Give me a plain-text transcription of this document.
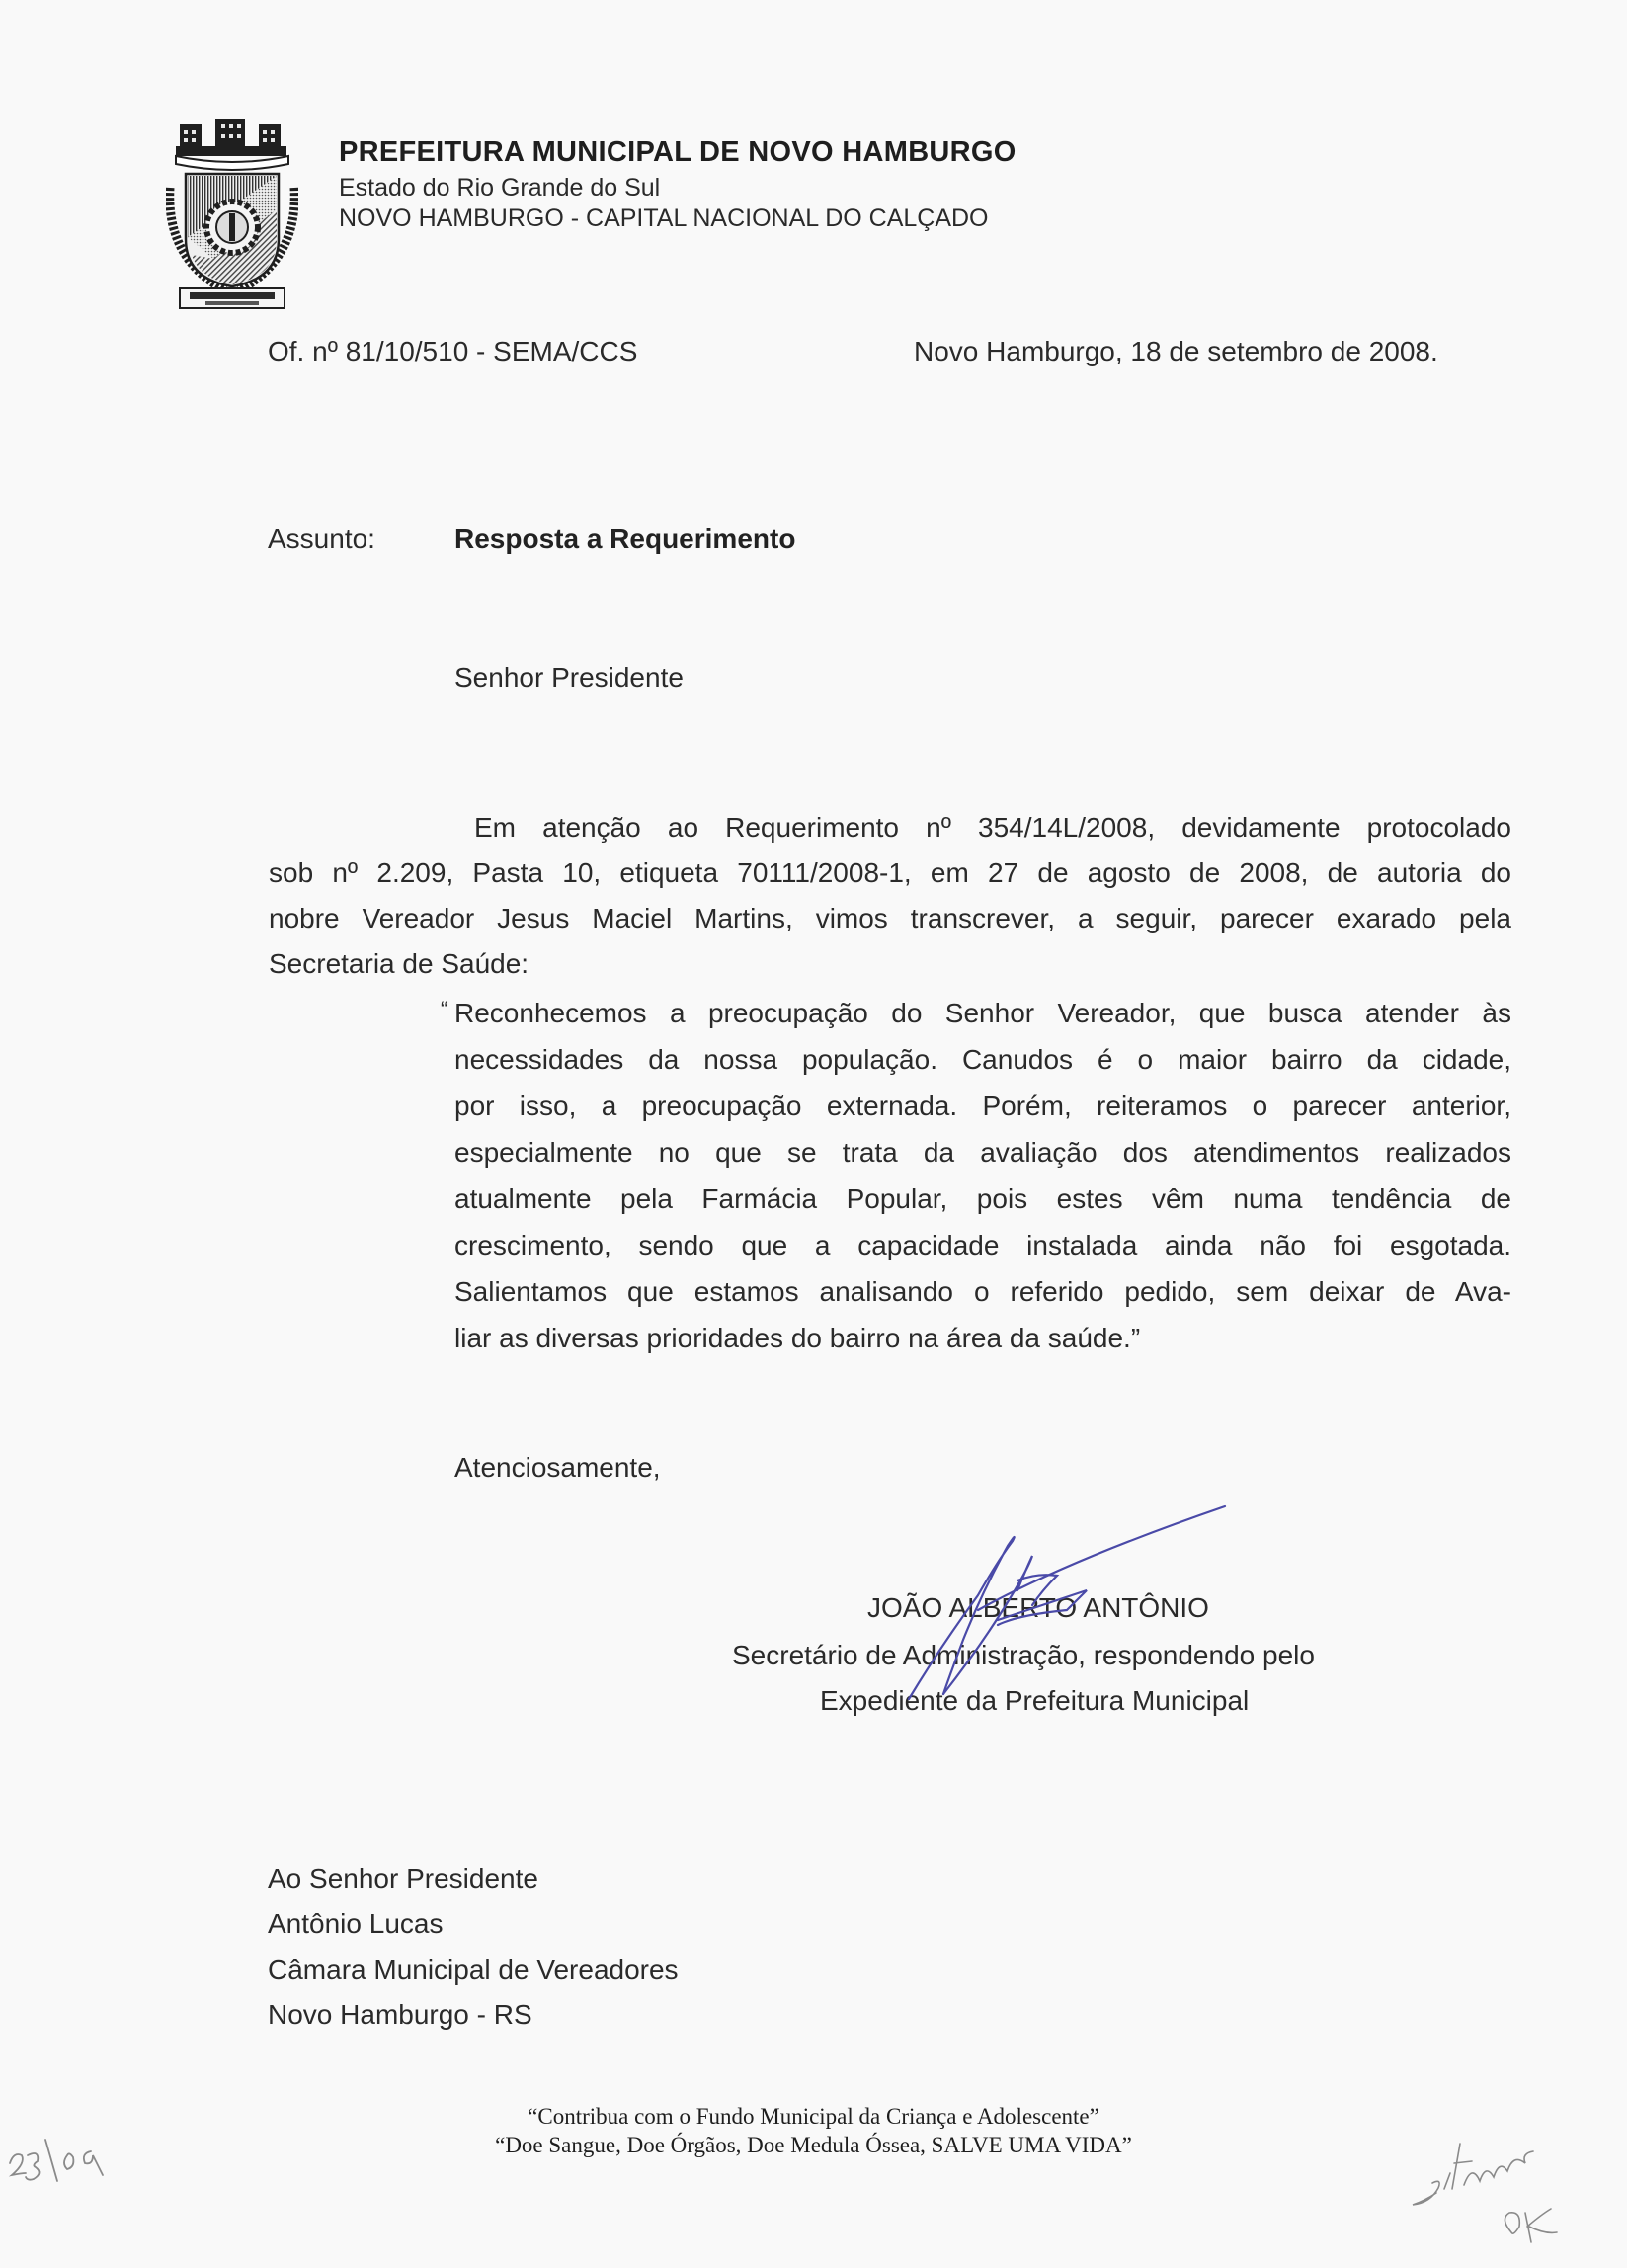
PREFEITURA MUNICIPAL DE NOVO HAMBURGO
Estado do Rio Grande do Sul
NOVO HAMBURGO - CAPITAL NACIONAL DO CALÇADO
Of. nº 81/10/510 - SEMA/CCS	Novo Hamburgo, 18 de setembro de 2008.
Assunto:	Resposta a Requerimento
Senhor Presidente
Em atenção ao Requerimento nº 354/14L/2008, devidamente protocolado
sob nº 2.209, Pasta 10, etiqueta 70111/2008-1, em 27 de agosto de 2008, de autoria do
nobre Vereador Jesus Maciel Martins, vimos transcrever, a seguir, parecer exarado pela
Secretaria de Saúde:
“ Reconhecemos a preocupação do Senhor Vereador, que busca atender às
necessidades da nossa população. Canudos é o maior bairro da cidade,
por isso, a preocupação externada. Porém, reiteramos o parecer anterior,
especialmente no que se trata da avaliação dos atendimentos realizados
atualmente pela Farmácia Popular, pois estes vêm numa tendência de
crescimento, sendo que a capacidade instalada ainda não foi esgotada.
Salientamos que estamos analisando o referido pedido, sem deixar de Ava-
liar as diversas prioridades do bairro na área da saúde.”
Atenciosamente,
JOÃO ALBERTO ANTÔNIO
Secretário de Administração, respondendo pelo
Expediente da Prefeitura Municipal
Ao Senhor Presidente
Antônio Lucas
Câmara Municipal de Vereadores
Novo Hamburgo - RS
“Contribua com o Fundo Municipal da Criança e Adolescente”
“Doe Sangue, Doe Órgãos, Doe Medula Óssea, SALVE UMA VIDA”
